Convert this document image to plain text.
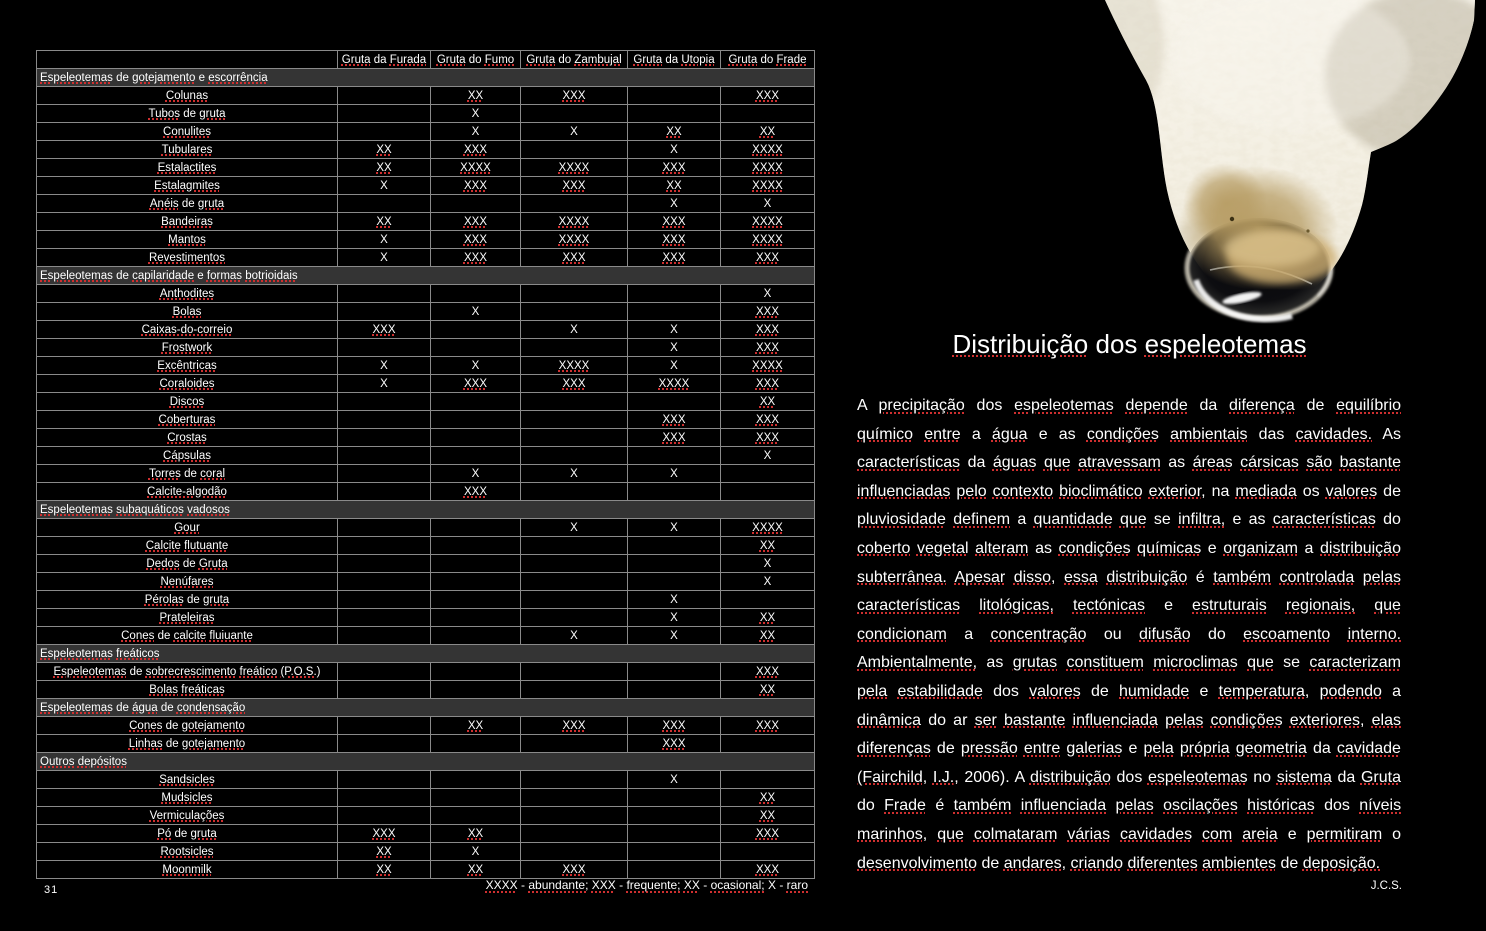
	Gruta da Furada	Gruta do Fumo	Gruta do Zambujal	Gruta da Utopia	Gruta do Frade
Espeleotemas de gotejamento e escorrência					
Colunas		XX	XXX		XXX
Tubos de gruta		X			
Conulites		X	X	XX	XX
Tubulares	XX	XXX		X	XXXX
Estalactites	XX	XXXX	XXXX	XXX	XXXX
Estalagmites	X	XXX	XXX	XX	XXXX
Anéis de gruta				X	X
Bandeiras	XX	XXX	XXXX	XXX	XXXX
Mantos	X	XXX	XXXX	XXX	XXXX
Revestimentos	X	XXX	XXX	XXX	XXX
Espeleotemas de capilaridade e formas botrioidais					
Anthodites					X
Bolas		X			XXX
Caixas-do-correio	XXX		X	X	XXX
Frostwork				X	XXX
Excêntricas	X	X	XXXX	X	XXXX
Coraloides	X	XXX	XXX	XXXX	XXX
Discos					XX
Coberturas				XXX	XXX
Crostas				XXX	XXX
Cápsulas					X
Torres de coral		X	X	X	
Calcite-algodão		XXX			
Espeleotemas subaquáticos vadosos					
Gour			X	X	XXXX
Calcite flutuante					XX
Dedos de Gruta					X
Nenúfares					X
Pérolas de gruta				X	
Prateleiras				X	XX
Cones de calcite fluiuante			X	X	XX
Espeleotemas freáticos					
Espeleotemas de sobrecrescimento freático (P.O.S.)					XXX
Bolas freáticas					XX
Espeleotemas de água de condensação					
Cones de gotejamento		XX	XXX	XXX	XXX
Linhas de gotejamento				XXX	
Outros depósitos					
Sandsicles				X	
Mudsicles					XX
Vermiculações					XX
Pó de gruta	XXX	XX			XXX
Rootsicles	XX	X			
Moonmilk	XX	XX	XXX		XXX
31	XXXX - abundante; XXX - frequente; XX - ocasional; X - raro
Distribuição dos espeleotemas
A precipitação dos espeleotemas depende da diferença de equilíbrio químico entre a água e as condições ambientais das cavidades. As características da águas que atravessam as áreas cársicas são bastante influenciadas pelo contexto bioclimático exterior, na mediada os valores de pluviosidade definem a quantidade que se infiltra, e as características do coberto vegetal alteram as condições químicas e organizam a distribuição subterrânea. Apesar disso, essa distribuição é também controlada pelas características litológicas, tectónicas e estruturais regionais, que condicionam a concentração ou difusão do escoamento interno. Ambientalmente, as grutas constituem microclimas que se caracterizam pela estabilidade dos valores de humidade e temperatura, podendo a dinâmica do ar ser bastante influenciada pelas condições exteriores, elas diferenças de pressão entre galerias e pela própria geometria da cavidade (Fairchild, I.J., 2006). A distribuição dos espeleotemas no sistema da Gruta do Frade é também influenciada pelas oscilações históricas dos níveis marinhos, que colmataram várias cavidades com areia e permitiram o desenvolvimento de andares, criando diferentes ambientes de deposição.
J.C.S.
